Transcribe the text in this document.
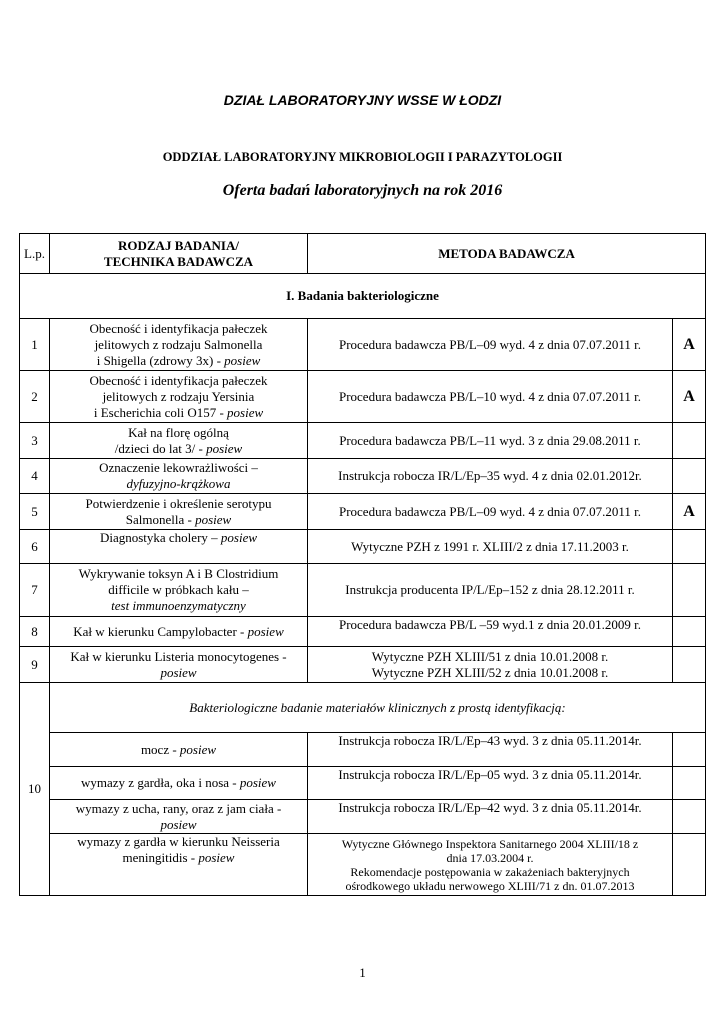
DZIAŁ LABORATORYJNY WSSE W ŁODZI
ODDZIAŁ LABORATORYJNY MIKROBIOLOGII I PARAZYTOLOGII
Oferta badań laboratoryjnych na rok 2016
L.p.	RODZAJ BADANIA/
TECHNIKA BADAWCZA	METODA BADAWCZA	
I. Badania bakteriologiczne			
1	Obecność i identyfikacja pałeczek
jelitowych z rodzaju Salmonella
i Shigella (zdrowy 3x) - posiew	Procedura badawcza PB/L–09 wyd. 4 z dnia 07.07.2011 r.	A
2	Obecność i identyfikacja pałeczek
jelitowych z rodzaju Yersinia
i Escherichia coli O157 - posiew	Procedura badawcza PB/L–10 wyd. 4 z dnia 07.07.2011 r.	A
3	Kał na florę ogólną
/dzieci do lat 3/ - posiew	Procedura badawcza PB/L–11 wyd. 3 z dnia 29.08.2011 r.	
4	Oznaczenie lekowrażliwości –
dyfuzyjno-krążkowa	Instrukcja robocza IR/L/Ep–35 wyd. 4 z dnia 02.01.2012r.	
5	Potwierdzenie i określenie serotypu
Salmonella - posiew	Procedura badawcza PB/L–09 wyd. 4 z dnia 07.07.2011 r.	A
6	Diagnostyka cholery – posiew	Wytyczne PZH z 1991 r. XLIII/2 z dnia 17.11.2003 r.	
7	Wykrywanie toksyn A i B Clostridium
difficile w próbkach kału –
test immunoenzymatyczny	Instrukcja producenta IP/L/Ep–152 z dnia 28.12.2011 r.	
8	Kał w kierunku Campylobacter - posiew	Procedura badawcza PB/L –59 wyd.1 z dnia 20.01.2009 r.	
9	Kał w kierunku Listeria monocytogenes -
posiew	Wytyczne PZH XLIII/51 z dnia 10.01.2008 r.
Wytyczne PZH XLIII/52 z dnia 10.01.2008 r.	

10	Bakteriologiczne badanie materiałów klinicznych z prostą identyfikacją:		
	mocz - posiew	Instrukcja robocza IR/L/Ep–43 wyd. 3 z dnia 05.11.2014r.	
	wymazy z gardła, oka i nosa - posiew	Instrukcja robocza IR/L/Ep–05 wyd. 3 z dnia 05.11.2014r.	

	wymazy z ucha, rany, oraz z jam ciała -
posiew	Instrukcja robocza IR/L/Ep–42 wyd. 3 z dnia 05.11.2014r.	

	wymazy z gardła w kierunku Neisseria
meningitidis - posiew	Wytyczne Głównego Inspektora Sanitarnego 2004 XLIII/18 z
dnia 17.03.2004 r.
Rekomendacje postępowania w zakażeniach bakteryjnych
ośrodkowego układu nerwowego XLIII/71 z dn. 01.07.2013	

1
